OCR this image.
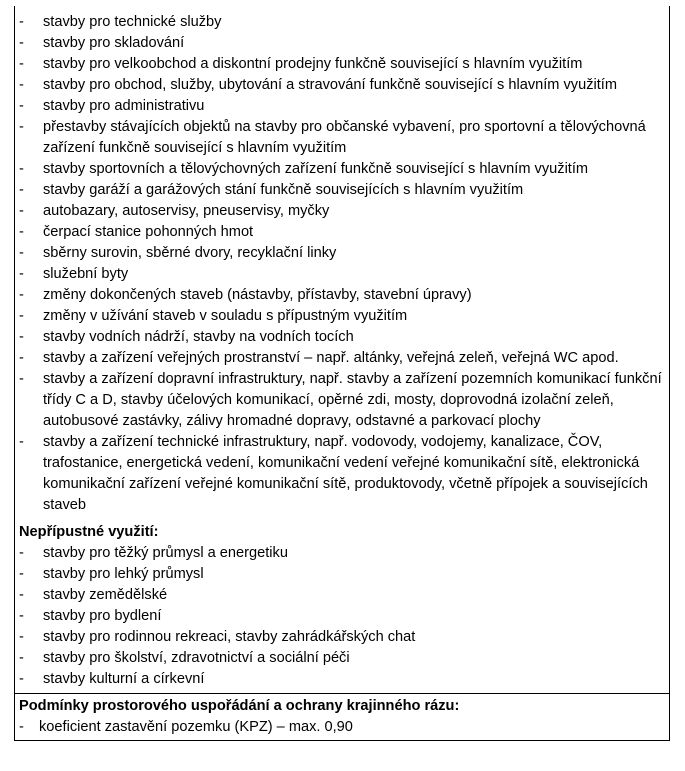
- stavby pro technické služby
- stavby pro skladování
- stavby pro velkoobchod a diskontní prodejny funkčně související s hlavním využitím
- stavby pro obchod, služby, ubytování a stravování funkčně související s hlavním využitím
- stavby pro administrativu
- přestavby stávajících objektů na stavby pro občanské vybavení, pro sportovní a tělovýchovná zařízení funkčně související s hlavním využitím
- stavby sportovních a tělovýchovných zařízení funkčně související s hlavním využitím
- stavby garáží a garážových stání funkčně souvisejících s hlavním využitím
- autobazary, autoservisy, pneuservisy, myčky
- čerpací stanice pohonných hmot
- sběrny surovin, sběrné dvory, recyklační linky
- služební byty
- změny dokončených staveb (nástavby, přístavby, stavební úpravy)
- změny v užívání staveb v souladu s přípustným využitím
- stavby vodních nádrží, stavby na vodních tocích
- stavby a zařízení veřejných prostranství – např. altánky, veřejná zeleň, veřejná WC apod.
- stavby a zařízení dopravní infrastruktury, např. stavby a zařízení pozemních komunikací funkční třídy C a D, stavby účelových komunikací, opěrné zdi, mosty, doprovodná izolační zeleň, autobusové zastávky, zálivy hromadné dopravy, odstavné a parkovací plochy
- stavby a zařízení technické infrastruktury, např. vodovody, vodojemy, kanalizace, ČOV, trafostanice, energetická vedení, komunikační vedení veřejné komunikační sítě, elektronická komunikační zařízení veřejné komunikační sítě, produktovody, včetně přípojek a souvisejících staveb
Nepřípustné využití:
- stavby pro těžký průmysl a energetiku
- stavby pro lehký průmysl
- stavby zemědělské
- stavby pro bydlení
- stavby pro rodinnou rekreaci, stavby zahrádkářských chat
- stavby pro školství, zdravotnictví a sociální péči
- stavby kulturní a církevní
Podmínky prostorového uspořádání a ochrany krajinného rázu:
- koeficient zastavění pozemku (KPZ) – max. 0,90
